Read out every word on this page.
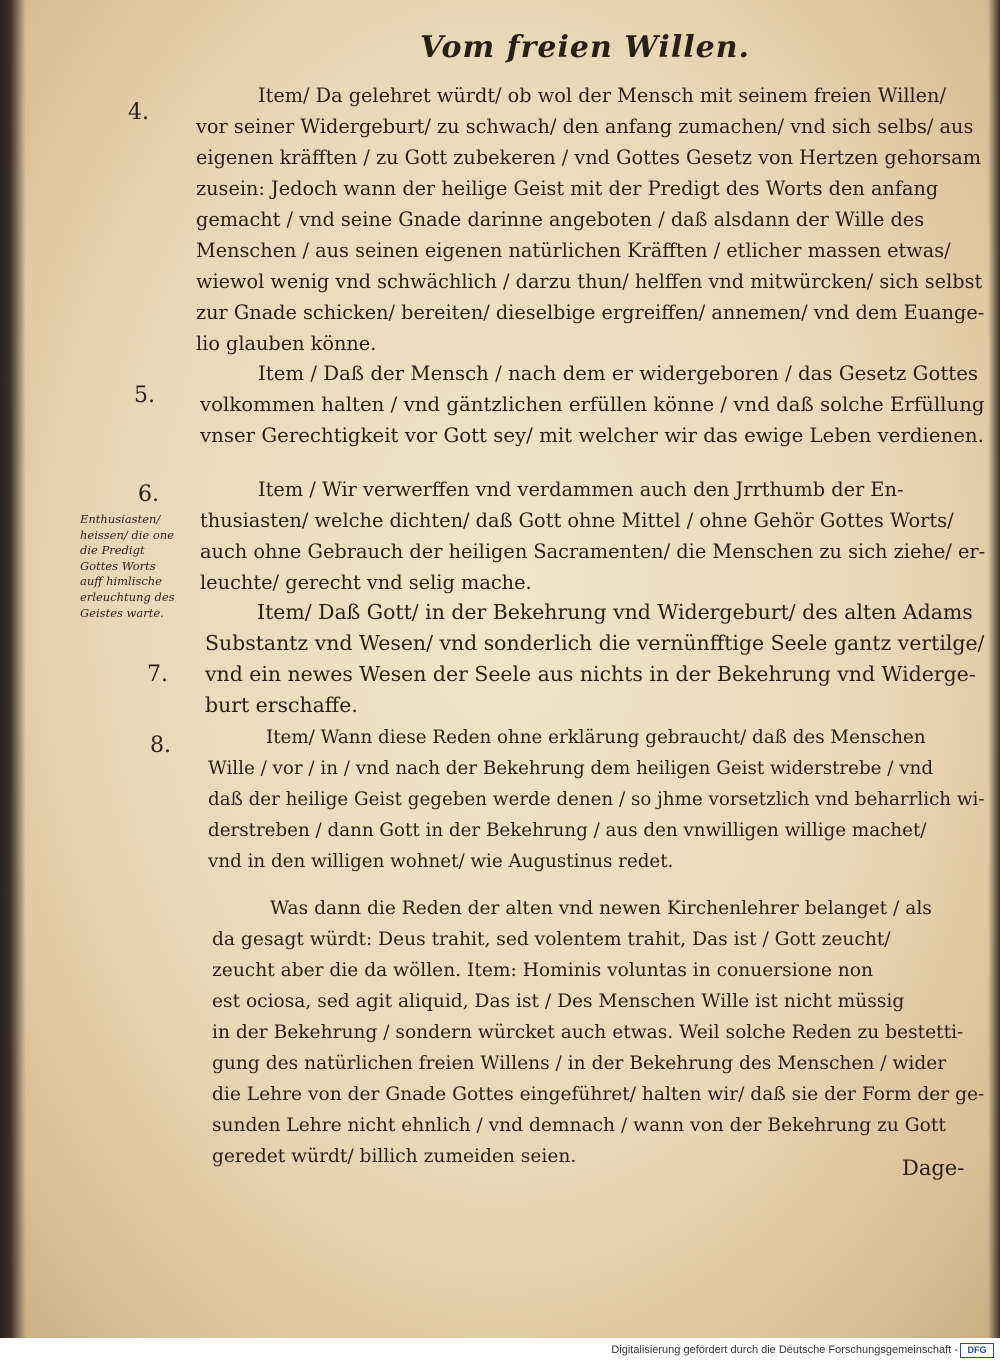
Vom freien Willen.
4.
Item/ Da gelehret würdt/ ob wol der Mensch mit seinem freien Willen/
vor seiner Widergeburt/ zu schwach/ den anfang zumachen/ vnd sich selbs/ aus
eigenen kräfften / zu Gott zubekeren / vnd Gottes Gesetz von Hertzen gehorsam
zusein: Jedoch wann der heilige Geist mit der Predigt des Worts den anfang
gemacht / vnd seine Gnade darinne angeboten / daß alsdann der Wille des
Menschen / aus seinen eigenen natürlichen Kräfften / etlicher massen etwas/
wiewol wenig vnd schwächlich / darzu thun/ helffen vnd mitwürcken/ sich selbst
zur Gnade schicken/ bereiten/ dieselbige ergreiffen/ annemen/ vnd dem Euange-
lio glauben könne.
5.
Item / Daß der Mensch / nach dem er widergeboren / das Gesetz Gottes
volkommen halten / vnd gäntzlichen erfüllen könne / vnd daß solche Erfüllung
vnser Gerechtigkeit vor Gott sey/ mit welcher wir das ewige Leben verdienen.
6.
Enthusiasten/
heissen/ die one
die Predigt
Gottes Worts
auff himlische
erleuchtung des
Geistes warte.
Item / Wir verwerffen vnd verdammen auch den Jrrthumb der En-
thusiasten/ welche dichten/ daß Gott ohne Mittel / ohne Gehör Gottes Worts/
auch ohne Gebrauch der heiligen Sacramenten/ die Menschen zu sich ziehe/ er-
leuchte/ gerecht vnd selig mache.
7.
Item/ Daß Gott/ in der Bekehrung vnd Widergeburt/ des alten Adams
Substantz vnd Wesen/ vnd sonderlich die vernünfftige Seele gantz vertilge/
vnd ein newes Wesen der Seele aus nichts in der Bekehrung vnd Widerge-
burt erschaffe.
8.	Item/ Wann diese Reden ohne erklärung gebraucht/ daß des Menschen
Wille / vor / in / vnd nach der Bekehrung dem heiligen Geist widerstrebe / vnd
daß der heilige Geist gegeben werde denen / so jhme vorsetzlich vnd beharrlich wi-
derstreben / dann Gott in der Bekehrung / aus den vnwilligen willige machet/
vnd in den willigen wohnet/ wie Augustinus redet.
Was dann die Reden der alten vnd newen Kirchenlehrer belanget / als
da gesagt würdt: Deus trahit, sed volentem trahit, Das ist / Gott zeucht/
zeucht aber die da wöllen. Item: Hominis voluntas in conuersione non
est ociosa, sed agit aliquid, Das ist / Des Menschen Wille ist nicht müssig
in der Bekehrung / sondern würcket auch etwas. Weil solche Reden zu bestetti-
gung des natürlichen freien Willens / in der Bekehrung des Menschen / wider
die Lehre von der Gnade Gottes eingeführet/ halten wir/ daß sie der Form der ge-
sunden Lehre nicht ehnlich / vnd demnach / wann von der Bekehrung zu Gott
geredet würdt/ billich zumeiden seien.	Dage-
Digitalisierung gefördert durch die Deutsche Forschungsgemeinschaft -	DFG
